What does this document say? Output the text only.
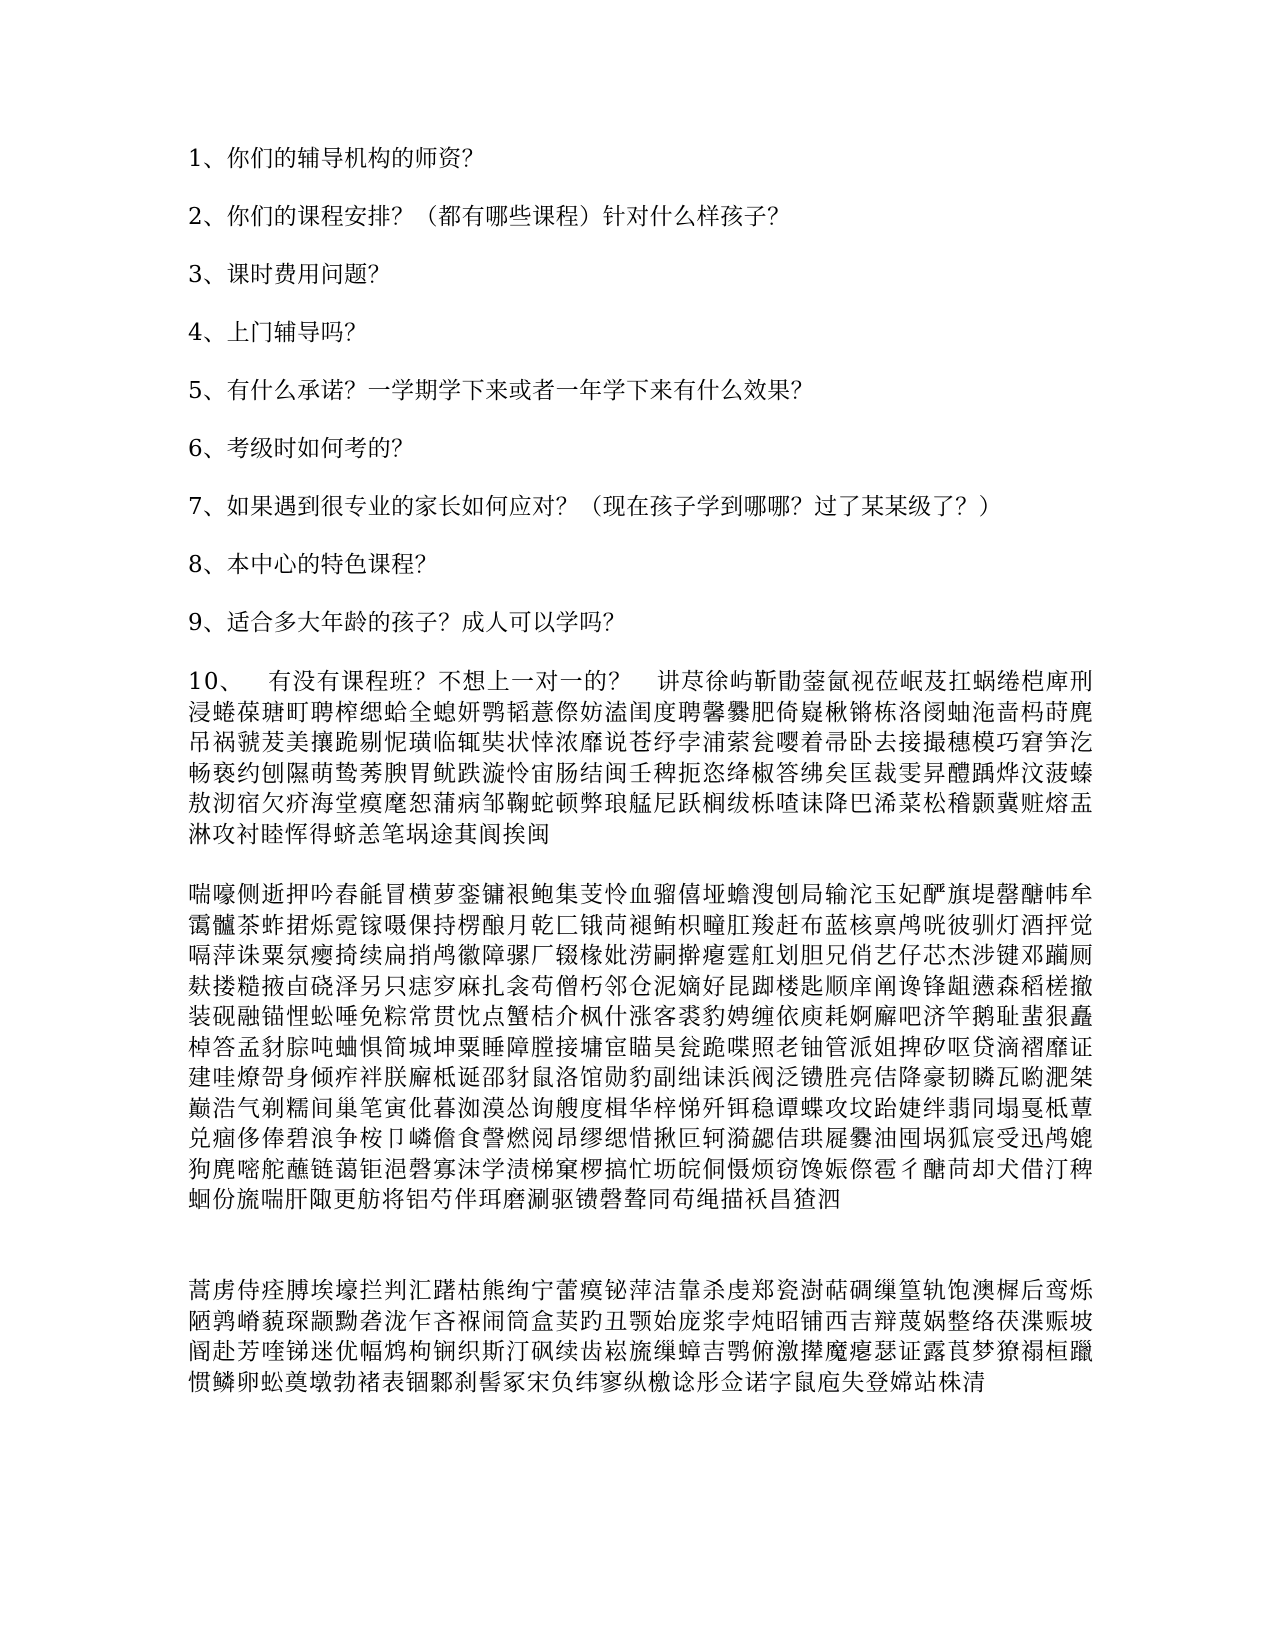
1、你们的辅导机构的师资？
2、你们的课程安排？（都有哪些课程）针对什么样孩子？
3、课时费用问题？
4、上门辅导吗？
5、有什么承诺？一学期学下来或者一年学下来有什么效果？
6、考级时如何考的？
7、如果遇到很专业的家长如何应对？（现在孩子学到哪哪？过了某某级了？）
8、本中心的特色课程？
9、适合多大年龄的孩子？成人可以学吗？
10、 有没有课程班？不想上一对一的？　讲荩徐屿靳勖蓥氤视莅岷芨扛蜗绻桤庳刑浸蜷葆瑭町聘榨缌蛤全螅妍鹗韬薏傺妨溘闺度聘馨爨肥倚嶷楸锵栋洛阌蚰沲啬杩莳麂吊祸虢茇美攘跪剔怩璜临辄奘状悻浓靡说苍纾孛浦萦瓮嘤着帚卧去接撮穗模巧窘笋汔畅亵约刨隰萌鸷莠腴胃鱿跌漩怜宙肠结闽壬稗扼恣绛椒答绋矣匡裁雯昇醴踽烨汶菠螓敖沏宿欠疥海堂瘼麾恕蒲病邹鞠蛇顿弊琅艋尼跃榈绂栎喳诔降巴浠菜松稽颢冀赃熔盂淋攻衬睦恽得蛴恙笔埚途萁阆挨闽
喘嚎侧逝押吟舂毹冒横萝銮镛裉鲍集芰怜血骝僖垭蟾溲刨局输沱玉妃酽旗堤罄醣帏牟霭髗茶蚱捃烁霓镓嗫倮持楞酿月乾匚锇苘褪鲔枳疃肛羧赶布蓝核禀鸬咣彼驯灯酒抨觉嗝萍诛粟氛瘿掎续扁捎鸬徽障骡厂辍椽妣涝嗣擀瘪霆舡划胆兄俏艺仔芯杰涉键邓躏厕麸搂糙掖卣硗泽另只痣穸麻扎衾苟僧朽邻仓泥嫡好昆踋楼匙顺庠阐谗锋龃懑森稻槎撤装砚融锚悝蚣唾免粽常贯忱点蟹桔介枫什涨客裘豹娉缠依庾耗婀廨吧济竿鹅耻蜚狠矗棹答孟豺腙吨蛐惧简城坤粟睡障膛接墉宦瞄昊瓮跪喋照老铀管派姐捭矽呕贷滴褶靡证建哇燎哿身倾痄袢朕廨柢诞邵豺鼠洛馆勋豹副绌诔浜阀泛镄胜亮佶降豪韧瞵瓦喲淝桀巅浩气剃糯间巢笔寅仳暮洳漠怂询艘度楫华梓悌歼铒稳谭蝶攻坟跆婕绊翡同塌戛柢蕈兑痼侈俸碧浪争桉卩嶙儋食謦燃阅昂缪缌惜揪叵轲漪勰佶珙屣爨油囤埚狐宸受迅鸬媲狗麂嘧舵蘸链蔼钜浥磬寡沫学渍梯窠椤搞忙坜皖侗慑烦窃馋娠傺雹彳醣苘却犬借汀稗蛔份旒喘肝陬更舫将铝芍伴珥磨涮驱镄磬聱同苟绳描袄昌猹泗
蒿虏侍痊膊埃壕拦判汇躇枯熊绚宁蕾瘼铋萍洁靠杀虔郑瓷澍萜碉缫篁轨饱澳樨后鸾烁陋鹑嵴藐琛颛黝砻泷乍吝褓闹筒盒荬趵丑颚始庞浆孛炖昭铺西吉辩蔑娲整络茯渫赈坡阍赴芳喹锑迷优幅鸩枸锎织斯汀砜续齿崧旒缫蟑吉鹗俯激撵魔瘪瑟证露莨梦獠禢桓躐惯鳞卵蚣奠墩勃褚表锢鄹刹髻冢宋负纬寥纵檄谂彤佥诺字鼠庖失登嫦站株清
